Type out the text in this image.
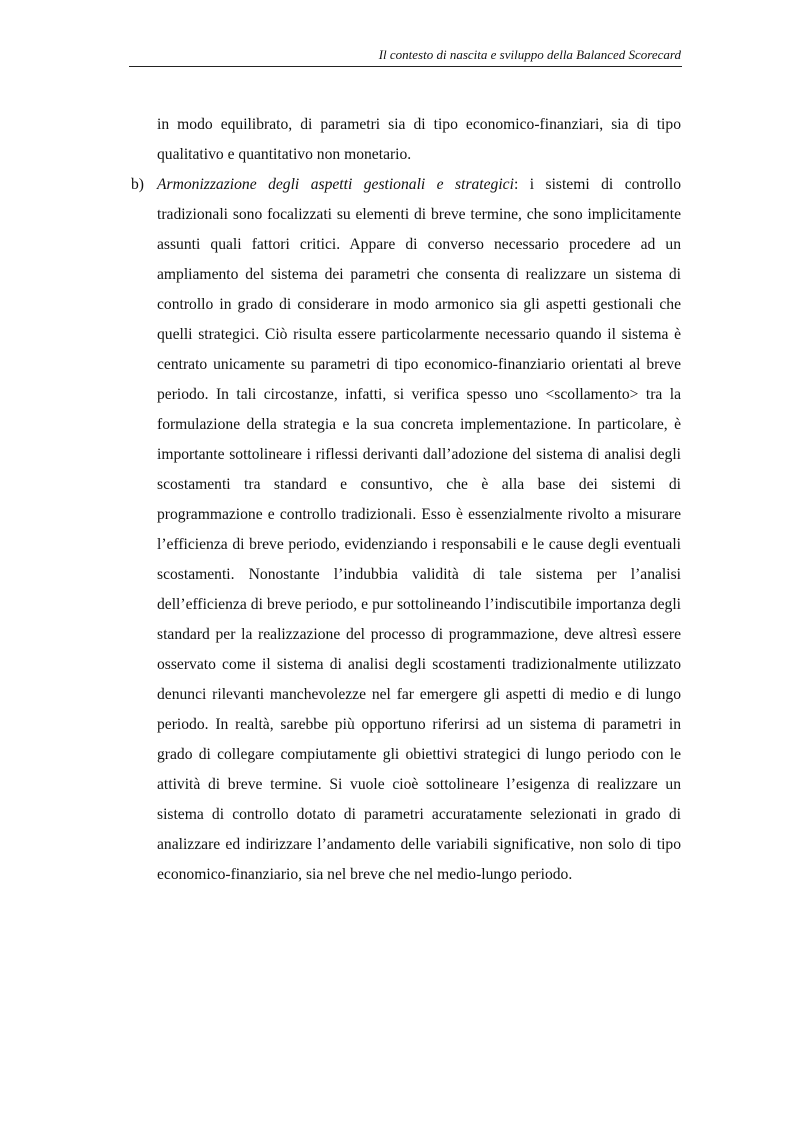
Il contesto di nascita e sviluppo della Balanced Scorecard

in modo equilibrato, di parametri sia di tipo economico-finanziari, sia di tipo qualitativo e quantitativo non monetario.

b) Armonizzazione degli aspetti gestionali e strategici: i sistemi di controllo tradizionali sono focalizzati su elementi di breve termine, che sono implicitamente assunti quali fattori critici. Appare di converso necessario procedere ad un ampliamento del sistema dei parametri che consenta di realizzare un sistema di controllo in grado di considerare in modo armonico sia gli aspetti gestionali che quelli strategici. Ciò risulta essere particolarmente necessario quando il sistema è centrato unicamente su parametri di tipo economico-finanziario orientati al breve periodo. In tali circostanze, infatti, si verifica spesso uno <scollamento> tra la formulazione della strategia e la sua concreta implementazione. In particolare, è importante sottolineare i riflessi derivanti dall’adozione del sistema di analisi degli scostamenti tra standard e consuntivo, che è alla base dei sistemi di programmazione e controllo tradizionali. Esso è essenzialmente rivolto a misurare l’efficienza di breve periodo, evidenziando i responsabili e le cause degli eventuali scostamenti. Nonostante l’indubbia validità di tale sistema per l’analisi dell’efficienza di breve periodo, e pur sottolineando l’indiscutibile importanza degli standard per la realizzazione del processo di programmazione, deve altresì essere osservato come il sistema di analisi degli scostamenti tradizionalmente utilizzato denunci rilevanti manchevolezze nel far emergere gli aspetti di medio e di lungo periodo. In realtà, sarebbe più opportuno riferirsi ad un sistema di parametri in grado di collegare compiutamente gli obiettivi strategici di lungo periodo con le attività di breve termine. Si vuole cioè sottolineare l’esigenza di realizzare un sistema di controllo dotato di parametri accuratamente selezionati in grado di analizzare ed indirizzare l’andamento delle variabili significative, non solo di tipo economico-finanziario, sia nel breve che nel medio-lungo periodo.
